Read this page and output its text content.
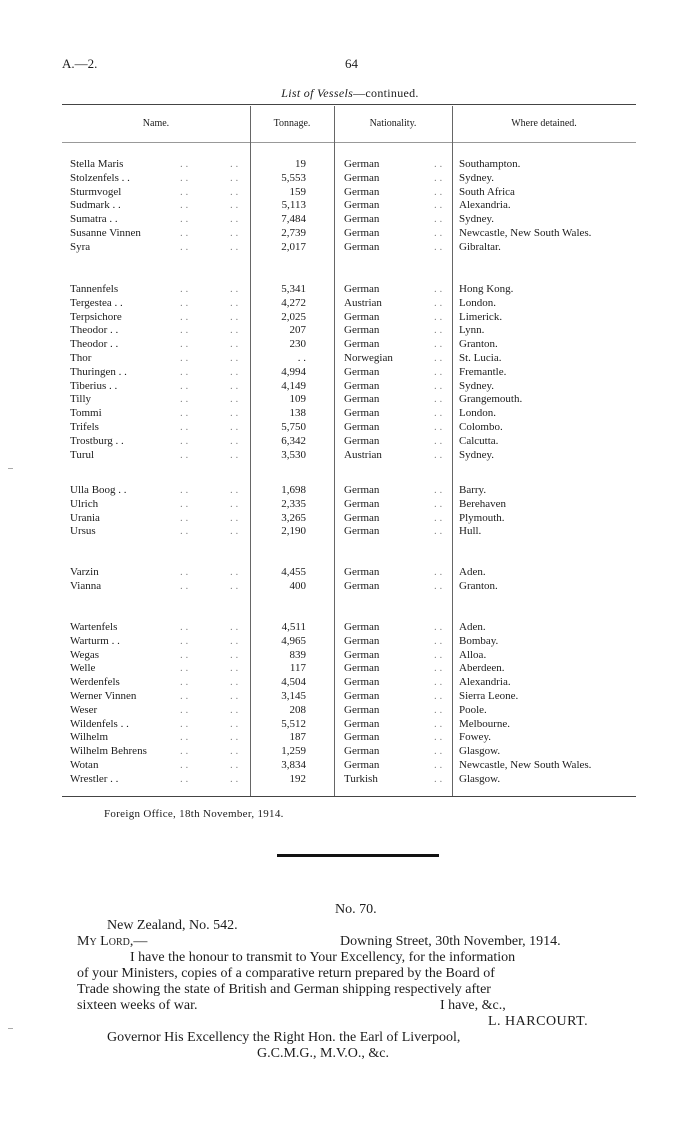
A.—2.	64
List of Vessels—continued.
Name.	Tonnage.	Nationality.	Where detained.
Stella Maris	19	German	Southampton.
. .	. .	. .
Stolzenfels . .	5,553	German	Sydney.
. .	. .	. .
Sturmvogel	159	German	South Africa
. .	. .	. .
Sudmark . .	5,113	German	Alexandria.
. .	. .	. .
Sumatra . .	7,484	German	Sydney.
. .	. .	. .
Susanne Vinnen	2,739	German	Newcastle, New South Wales.
. .	. .	. .
Syra	2,017	German	Gibraltar.
. .	. .	. .
Tannenfels	5,341	German	Hong Kong.
. .	. .	. .
Tergestea . .	4,272	Austrian	London.
. .	. .	. .
Terpsichore	2,025	German	Limerick.
. .	. .	. .
Theodor . .	207	German	Lynn.
. .	. .	. .
Theodor . .	230	German	Granton.
. .	. .	. .
Thor	. .	Norwegian	St. Lucia.
. .	. .	. .
Thuringen . .	4,994	German	Fremantle.
. .	. .	. .
Tiberius . .	4,149	German	Sydney.
. .	. .	. .
Tilly	109	German	Grangemouth.
. .	. .	. .
Tommi	138	German	London.
. .	. .	. .
Trifels	5,750	German	Colombo.
. .	. .	. .
Trostburg . .	6,342	German	Calcutta.
. .	. .	. .
Turul	3,530	Austrian	Sydney.
. .	. .	. .
Ulla Boog . .	1,698	German	Barry.
. .	. .	. .
Ulrich	2,335	German	Berehaven
. .	. .	. .
Urania	3,265	German	Plymouth.
. .	. .	. .
Ursus	2,190	German	Hull.
. .	. .	. .
Varzin	4,455	German	Aden.
. .	. .	. .
Vianna	400	German	Granton.
. .	. .	. .
Wartenfels	4,511	German	Aden.
. .	. .	. .
Warturm . .	4,965	German	Bombay.
. .	. .	. .
Wegas	839	German	Alloa.
. .	. .	. .
Welle	117	German	Aberdeen.
. .	. .	. .
Werdenfels	4,504	German	Alexandria.
. .	. .	. .
Werner Vinnen	3,145	German	Sierra Leone.
. .	. .	. .
Weser	208	German	Poole.
. .	. .	. .
Wildenfels . .	5,512	German	Melbourne.
. .	. .	. .
Wilhelm	187	German	Fowey.
. .	. .	. .
Wilhelm Behrens	1,259	German	Glasgow.
. .	. .	. .
Wotan	3,834	German	Newcastle, New South Wales.
. .	. .	. .
Wrestler . .	192	Turkish	Glasgow.
. .	. .	. .
Foreign Office, 18th November, 1914.
No. 70.
New Zealand, No. 542.
My Lord,—	Downing Street, 30th November, 1914.
I have the honour to transmit to Your Excellency, for the information
of your Ministers, copies of a comparative return prepared by the Board of
Trade showing the state of British and German shipping respectively after
sixteen weeks of war.	I have, &c.,
L. HARCOURT.
Governor His Excellency the Right Hon. the Earl of Liverpool,
G.C.M.G., M.V.O., &c.
